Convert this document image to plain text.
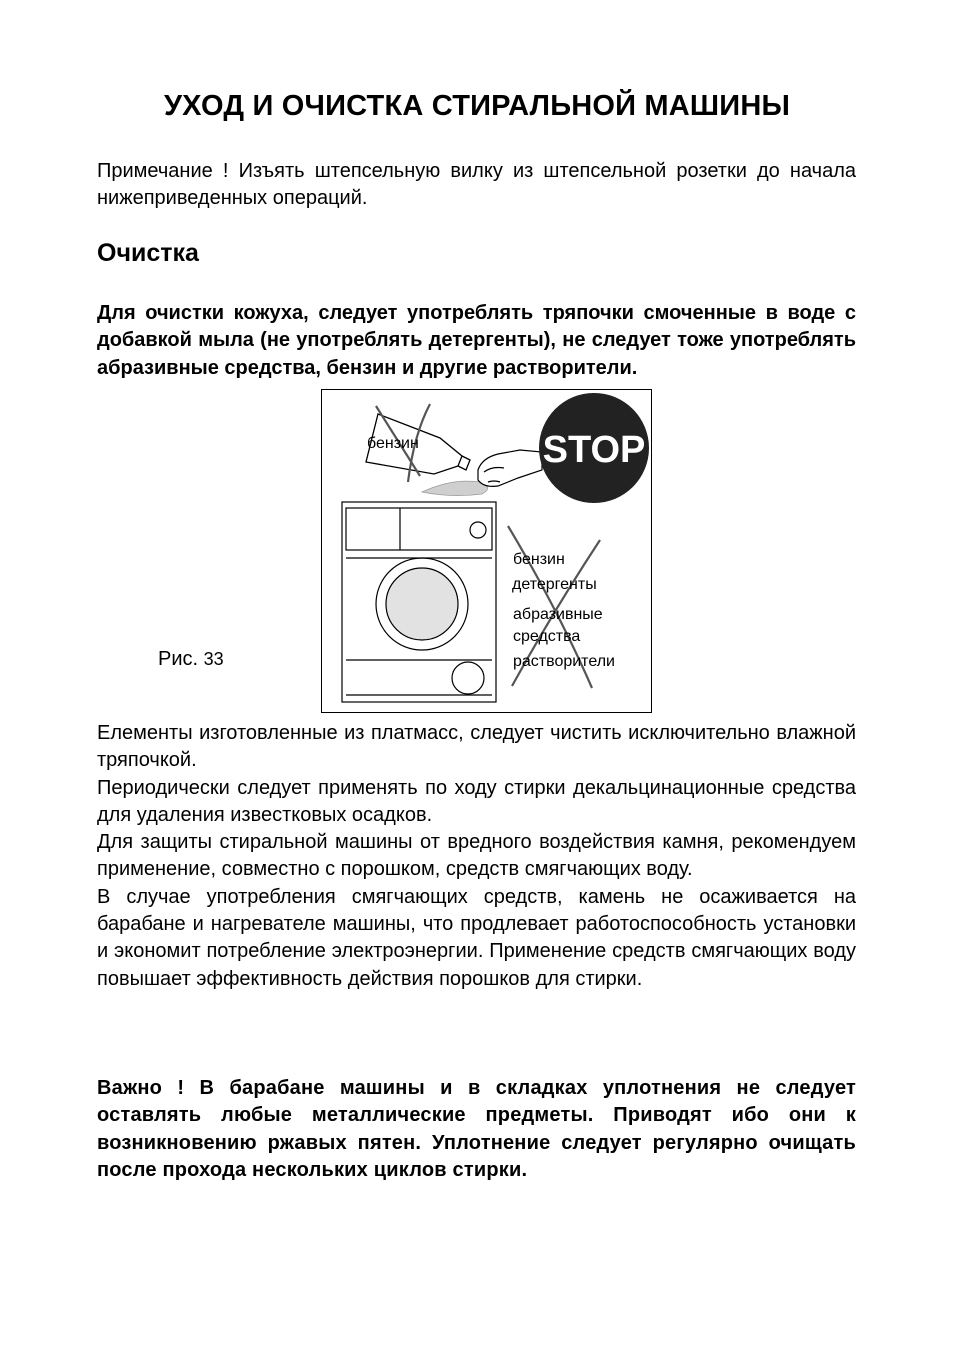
УХОД И ОЧИСТКА СТИРАЛЬНОЙ МАШИНЫ

Примечание ! Изъять штепсельную вилку из штепсельной розетки до начала нижеприведенных операций.

Очистка

Для очистки кожуха, следует употреблять тряпочки смоченные в воде с добавкой мыла (не употреблять детергенты), не следует тоже употреблять абразивные средства, бензин и другие растворители.

Рис. 33
STOP
бензин
бензин
детергенты
абразивные
средства
растворители

Елементы изготовленные из платмасс, следует чистить исключительно влажной тряпочкой.
Периодически следует применять по ходу стирки декальцинационные средства для удаления известковых осадков.
Для защиты стиральной машины от вредного воздействия камня, рекомендуем применение, совместно с порошком, средств смягчающих воду.
В случае употребления смягчающих средств, камень не осаживается на барабане и нагревателе машины, что продлевает работоспособность установки и экономит потребление электроэнергии. Применение средств смягчающих воду повышает эффективность действия порошков для стирки.

Важно ! В барабане машины и в складках уплотнения не следует оставлять любые металлические предметы. Приводят ибо они к возникновению ржавых пятен. Уплотнение следует регулярно очищать после прохода нескольких циклов стирки.
